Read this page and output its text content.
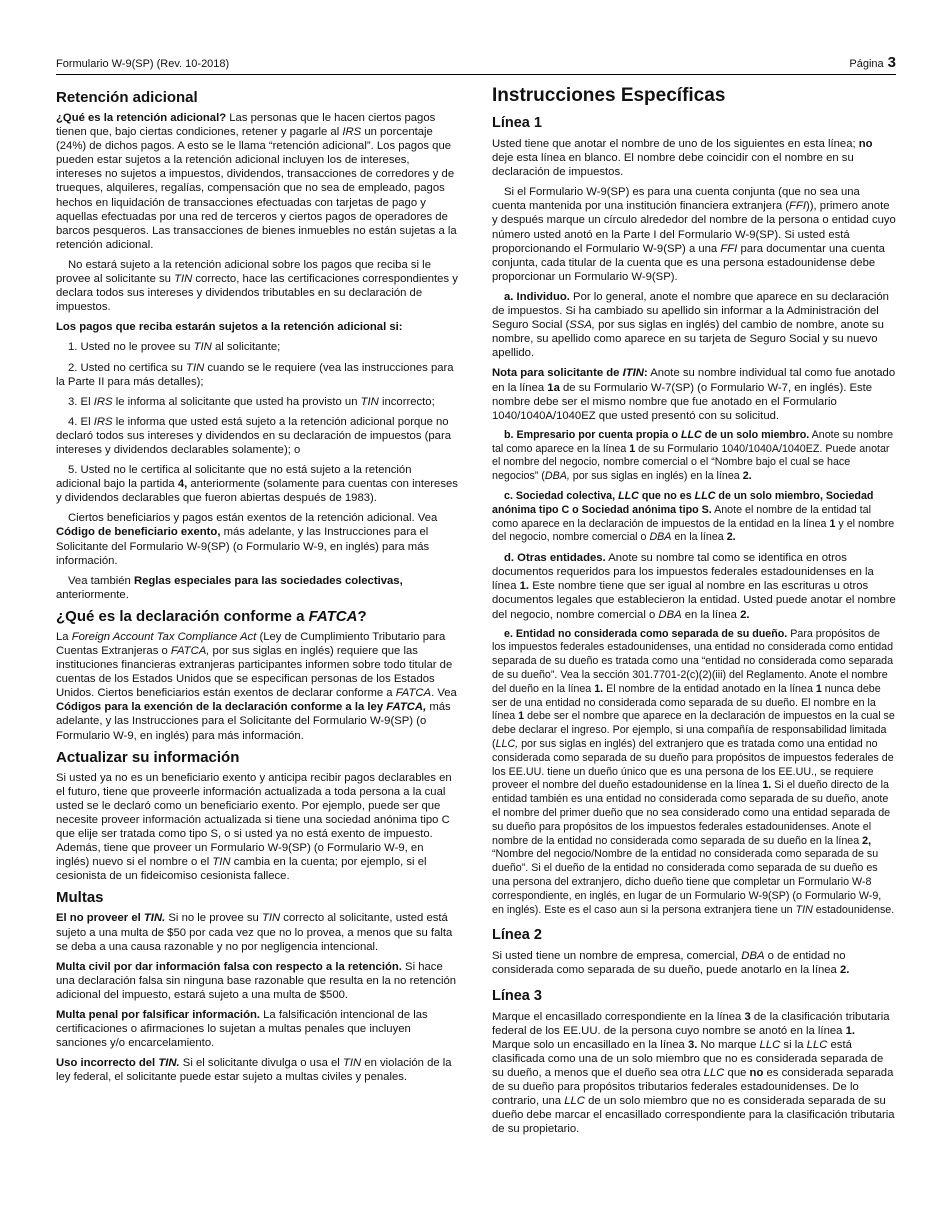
Formulario W-9(SP) (Rev. 10-2018)	Página 3
Retención adicional

¿Qué es la retención adicional? Las personas que le hacen ciertos pagos tienen que, bajo ciertas condiciones, retener y pagarle al IRS un porcentaje (24%) de dichos pagos. A esto se le llama “retención adicional”. Los pagos que pueden estar sujetos a la retención adicional incluyen los de intereses, intereses no sujetos a impuestos, dividendos, transacciones de corredores y de trueques, alquileres, regalías, compensación que no sea de empleado, pagos hechos en liquidación de transacciones efectuadas con tarjetas de pago y aquellas efectuadas por una red de terceros y ciertos pagos de operadores de barcos pesqueros. Las transacciones de bienes inmuebles no están sujetas a la retención adicional.

No estará sujeto a la retención adicional sobre los pagos que reciba si le provee al solicitante su TIN correcto, hace las certificaciones correspondientes y declara todos sus intereses y dividendos tributables en su declaración de impuestos.

Los pagos que reciba estarán sujetos a la retención adicional si:

1. Usted no le provee su TIN al solicitante;

2. Usted no certifica su TIN cuando se le requiere (vea las instrucciones para la Parte II para más detalles);

3. El IRS le informa al solicitante que usted ha provisto un TIN incorrecto;

4. El IRS le informa que usted está sujeto a la retención adicional porque no declaró todos sus intereses y dividendos en su declaración de impuestos (para intereses y dividendos declarables solamente); o

5. Usted no le certifica al solicitante que no está sujeto a la retención adicional bajo la partida 4, anteriormente (solamente para cuentas con intereses y dividendos declarables que fueron abiertas después de 1983).

Ciertos beneficiarios y pagos están exentos de la retención adicional. Vea Código de beneficiario exento, más adelante, y las Instrucciones para el Solicitante del Formulario W-9(SP) (o Formulario W-9, en inglés) para más información.

Vea también Reglas especiales para las sociedades colectivas, anteriormente.

¿Qué es la declaración conforme a FATCA?

La Foreign Account Tax Compliance Act (Ley de Cumplimiento Tributario para Cuentas Extranjeras o FATCA, por sus siglas en inglés) requiere que las instituciones financieras extranjeras participantes informen sobre todo titular de cuentas de los Estados Unidos que se especifican personas de los Estados Unidos. Ciertos beneficiarios están exentos de declarar conforme a FATCA. Vea Códigos para la exención de la declaración conforme a la ley FATCA, más adelante, y las Instrucciones para el Solicitante del Formulario W-9(SP) (o Formulario W-9, en inglés) para más información.

Actualizar su información

Si usted ya no es un beneficiario exento y anticipa recibir pagos declarables en el futuro, tiene que proveerle información actualizada a toda persona a la cual usted se le declaró como un beneficiario exento. Por ejemplo, puede ser que necesite proveer información actualizada si tiene una sociedad anónima tipo C que elije ser tratada como tipo S, o si usted ya no está exento de impuesto. Además, tiene que proveer un Formulario W-9(SP) (o Formulario W-9, en inglés) nuevo si el nombre o el TIN cambia en la cuenta; por ejemplo, si el cesionista de un fideicomiso cesionista fallece.

Multas

El no proveer el TIN. Si no le provee su TIN correcto al solicitante, usted está sujeto a una multa de $50 por cada vez que no lo provea, a menos que su falta se deba a una causa razonable y no por negligencia intencional.

Multa civil por dar información falsa con respecto a la retención. Si hace una declaración falsa sin ninguna base razonable que resulta en la no retención adicional del impuesto, estará sujeto a una multa de $500.

Multa penal por falsificar información. La falsificación intencional de las certificaciones o afirmaciones lo sujetan a multas penales que incluyen sanciones y/o encarcelamiento.

Uso incorrecto del TIN. Si el solicitante divulga o usa el TIN en violación de la ley federal, el solicitante puede estar sujeto a multas civiles y penales.

Instrucciones Específicas
Línea 1

Usted tiene que anotar el nombre de uno de los siguientes en esta línea; no deje esta línea en blanco. El nombre debe coincidir con el nombre en su declaración de impuestos.

Si el Formulario W-9(SP) es para una cuenta conjunta (que no sea una cuenta mantenida por una institución financiera extranjera (FFI)), primero anote y después marque un círculo alrededor del nombre de la persona o entidad cuyo número usted anotó en la Parte I del Formulario W-9(SP). Si usted está proporcionando el Formulario W-9(SP) a una FFI para documentar una cuenta conjunta, cada titular de la cuenta que es una persona estadounidense debe proporcionar un Formulario W-9(SP).

a. Individuo. Por lo general, anote el nombre que aparece en su declaración de impuestos. Si ha cambiado su apellido sin informar a la Administración del Seguro Social (SSA, por sus siglas en inglés) del cambio de nombre, anote su nombre, su apellido como aparece en su tarjeta de Seguro Social y su nuevo apellido.

Nota para solicitante de ITIN: Anote su nombre individual tal como fue anotado en la línea 1a de su Formulario W-7(SP) (o Formulario W-7, en inglés). Este nombre debe ser el mismo nombre que fue anotado en el Formulario 1040/1040A/1040EZ que usted presentó con su solicitud.

b. Empresario por cuenta propia o LLC de un solo miembro. Anote su nombre tal como aparece en la línea 1 de su Formulario 1040/1040A/1040EZ. Puede anotar el nombre del negocio, nombre comercial o el “Nombre bajo el cual se hace negocios” (DBA, por sus siglas en inglés) en la línea 2.

c. Sociedad colectiva, LLC que no es LLC de un solo miembro, Sociedad anónima tipo C o Sociedad anónima tipo S. Anote el nombre de la entidad tal como aparece en la declaración de impuestos de la entidad en la línea 1 y el nombre del negocio, nombre comercial o DBA en la línea 2.

d. Otras entidades. Anote su nombre tal como se identifica en otros documentos requeridos para los impuestos federales estadounidenses en la línea 1. Este nombre tiene que ser igual al nombre en las escrituras u otros documentos legales que establecieron la entidad. Usted puede anotar el nombre del negocio, nombre comercial o DBA en la línea 2.

e. Entidad no considerada como separada de su dueño. Para propósitos de los impuestos federales estadounidenses, una entidad no considerada como entidad separada de su dueño es tratada como una “entidad no considerada como separada de su dueño”. Vea la sección 301.7701-2(c)(2)(iii) del Reglamento. Anote el nombre del dueño en la línea 1. El nombre de la entidad anotado en la línea 1 nunca debe ser de una entidad no considerada como separada de su dueño. El nombre en la línea 1 debe ser el nombre que aparece en la declaración de impuestos en la cual se debe declarar el ingreso. Por ejemplo, si una compañía de responsabilidad limitada (LLC, por sus siglas en inglés) del extranjero que es tratada como una entidad no considerada como separada de su dueño para propósitos de impuestos federales de los EE.UU. tiene un dueño único que es una persona de los EE.UU., se requiere proveer el nombre del dueño estadounidense en la línea 1. Si el dueño directo de la entidad también es una entidad no considerada como separada de su dueño, anote el nombre del primer dueño que no sea considerado como una entidad separada de su dueño para propósitos de los impuestos federales estadounidenses. Anote el nombre de la entidad no considerada como separada de su dueño en la línea 2, “Nombre del negocio/Nombre de la entidad no considerada como separada de su dueño”. Si el dueño de la entidad no considerada como separada de su dueño es una persona del extranjero, dicho dueño tiene que completar un Formulario W-8 correspondiente, en inglés, en lugar de un Formulario W-9(SP) (o Formulario W-9, en inglés). Este es el caso aun si la persona extranjera tiene un TIN estadounidense.

Línea 2

Si usted tiene un nombre de empresa, comercial, DBA o de entidad no considerada como separada de su dueño, puede anotarlo en la línea 2.

Línea 3

Marque el encasillado correspondiente en la línea 3 de la clasificación tributaria federal de los EE.UU. de la persona cuyo nombre se anotó en la línea 1. Marque solo un encasillado en la línea 3. No marque LLC si la LLC está clasificada como una de un solo miembro que no es considerada separada de su dueño, a menos que el dueño sea otra LLC que no es considerada separada de su dueño para propósitos tributarios federales estadounidenses. De lo contrario, una LLC de un solo miembro que no es considerada separada de su dueño debe marcar el encasillado correspondiente para la clasificación tributaria de su propietario.
